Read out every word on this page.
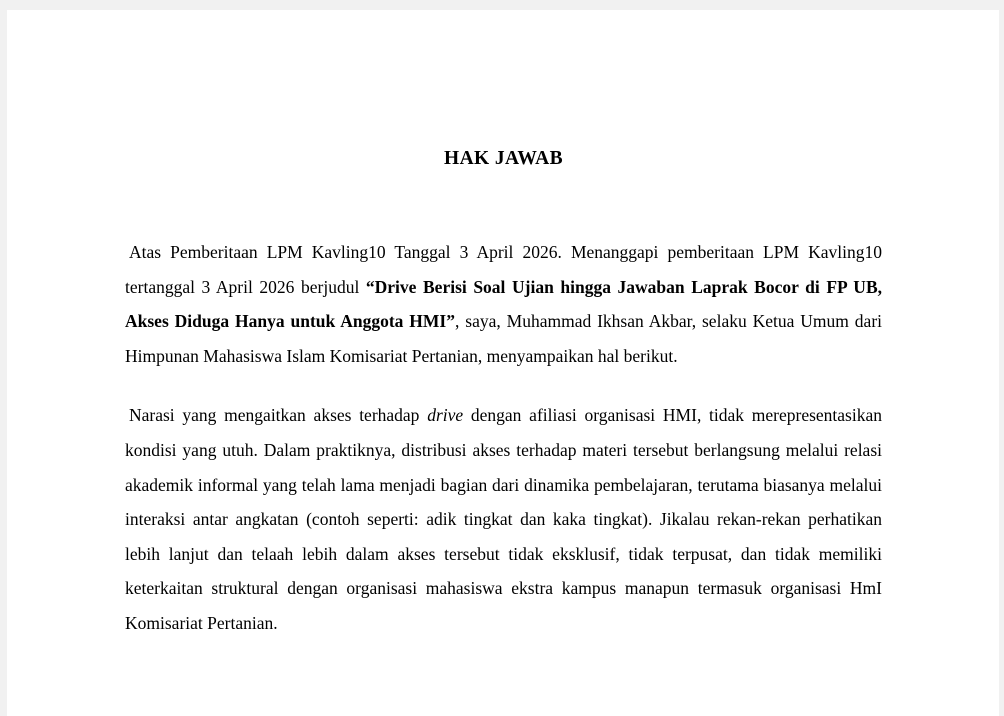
HAK JAWAB

Atas Pemberitaan LPM Kavling10 Tanggal 3 April 2026. Menanggapi pemberitaan LPM Kavling10 tertanggal 3 April 2026 berjudul “Drive Berisi Soal Ujian hingga Jawaban Laprak Bocor di FP UB, Akses Diduga Hanya untuk Anggota HMI”, saya, Muhammad Ikhsan Akbar, selaku Ketua Umum dari Himpunan Mahasiswa Islam Komisariat Pertanian, menyampaikan hal berikut.

Narasi yang mengaitkan akses terhadap drive dengan afiliasi organisasi HMI, tidak merepresentasikan kondisi yang utuh. Dalam praktiknya, distribusi akses terhadap materi tersebut berlangsung melalui relasi akademik informal yang telah lama menjadi bagian dari dinamika pembelajaran, terutama biasanya melalui interaksi antar angkatan (contoh seperti: adik tingkat dan kaka tingkat). Jikalau rekan-rekan perhatikan lebih lanjut dan telaah lebih dalam akses tersebut tidak eksklusif, tidak terpusat, dan tidak memiliki keterkaitan struktural dengan organisasi mahasiswa ekstra kampus manapun termasuk organisasi HmI Komisariat Pertanian.
